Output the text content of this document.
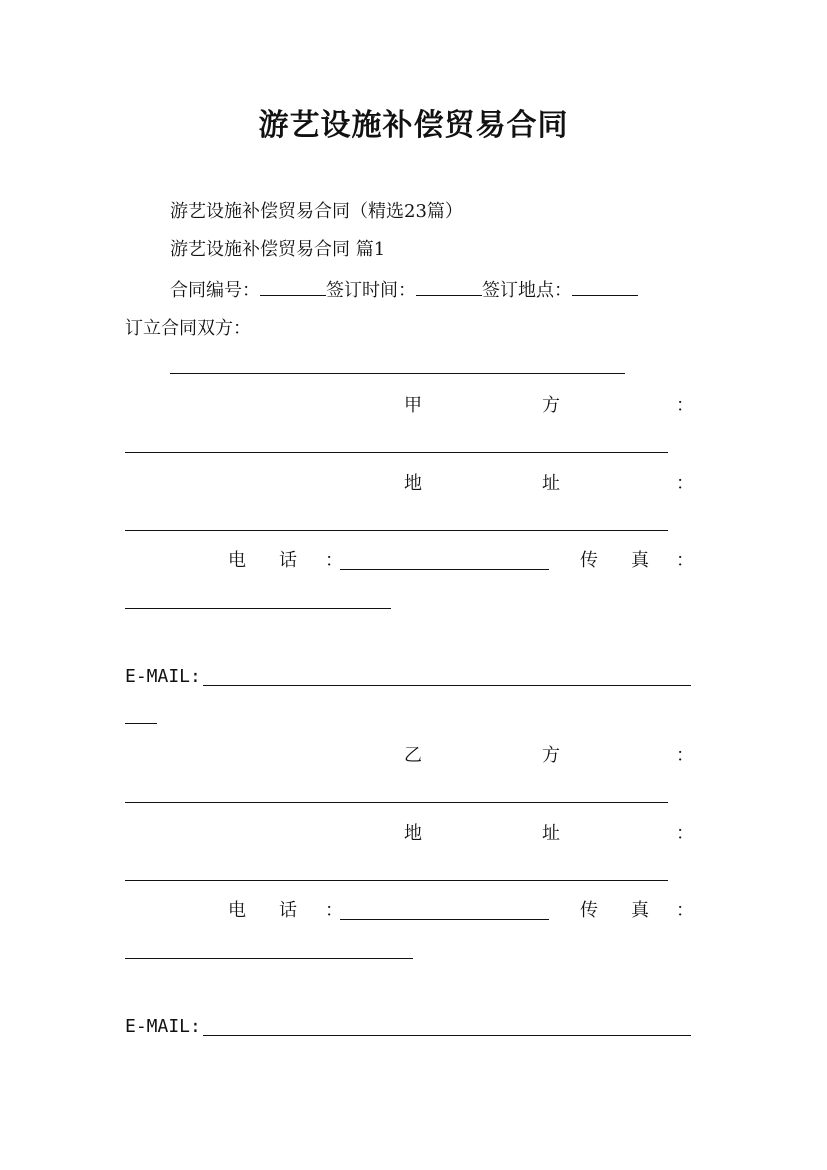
游艺设施补偿贸易合同
游艺设施补偿贸易合同（精选23篇）
游艺设施补偿贸易合同 篇1
合同编号：	签订时间：	签订地点：
订立合同双方：
甲	方	：
地	址	：
电 话 ：	传 真 ：
E-MAIL:
乙	方	：
地	址	：
电 话 ：	传 真 ：
E-MAIL:
